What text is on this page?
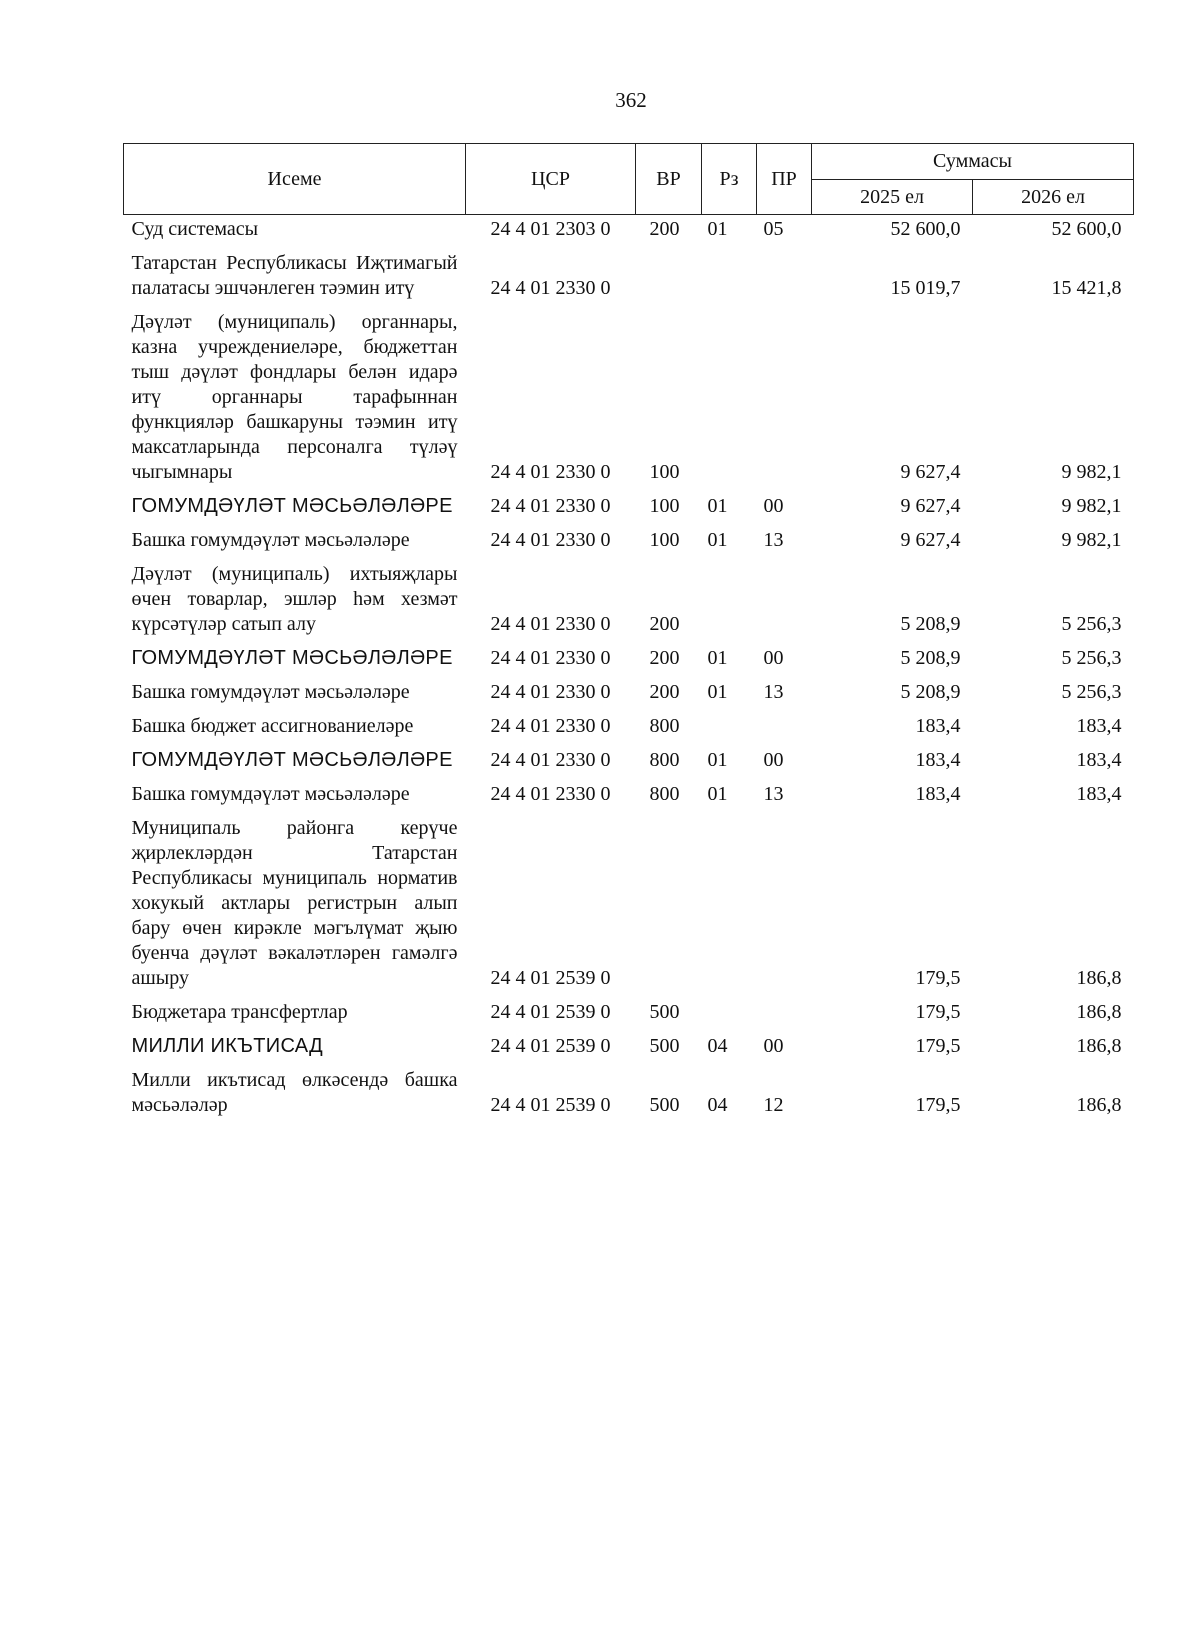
362
Исеме	ЦСР	ВР	Рз	ПР	Суммасы	
					2025 ел	2026 ел
Суд системасы	24 4 01 2303 0	200	01	05	52 600,0	52 600,0
Татарстан Республикасы Иҗтимагый палатасы эшчәнлеген тәэмин итү	24 4 01 2330 0				15 019,7	15 421,8
Дәүләт (муниципаль) органнары, казна учреждениеләре, бюджеттан тыш дәүләт фондлары белән идарә итү органнары тарафыннан функцияләр башкаруны тәэмин итү максатларында персоналга түләү чыгымнары	24 4 01 2330 0	100			9 627,4	9 982,1
ГОМУМДӘҮЛӘТ МӘСЬӘЛӘЛӘРЕ	24 4 01 2330 0	100	01	00	9 627,4	9 982,1
Башка гомумдәүләт мәсьәләләре	24 4 01 2330 0	100	01	13	9 627,4	9 982,1
Дәүләт (муниципаль) ихтыяҗлары өчен товарлар, эшләр һәм хезмәт күрсәтүләр сатып алу	24 4 01 2330 0	200			5 208,9	5 256,3
ГОМУМДӘҮЛӘТ МӘСЬӘЛӘЛӘРЕ	24 4 01 2330 0	200	01	00	5 208,9	5 256,3
Башка гомумдәүләт мәсьәләләре	24 4 01 2330 0	200	01	13	5 208,9	5 256,3
Башка бюджет ассигнованиеләре	24 4 01 2330 0	800			183,4	183,4
ГОМУМДӘҮЛӘТ МӘСЬӘЛӘЛӘРЕ	24 4 01 2330 0	800	01	00	183,4	183,4
Башка гомумдәүләт мәсьәләләре	24 4 01 2330 0	800	01	13	183,4	183,4
Муниципаль районга керүче җирлекләрдән Татарстан Республикасы муниципаль норматив хокукый актлары регистрын алып бару өчен кирәкле мәгълүмат җыю буенча дәүләт вәкаләтләрен гамәлгә ашыру	24 4 01 2539 0				179,5	186,8
Бюджетара трансфертлар	24 4 01 2539 0	500			179,5	186,8
МИЛЛИ ИКЪТИСАД	24 4 01 2539 0	500	04	00	179,5	186,8
Милли икътисад өлкәсендә башка мәсьәләләр	24 4 01 2539 0	500	04	12	179,5	186,8
